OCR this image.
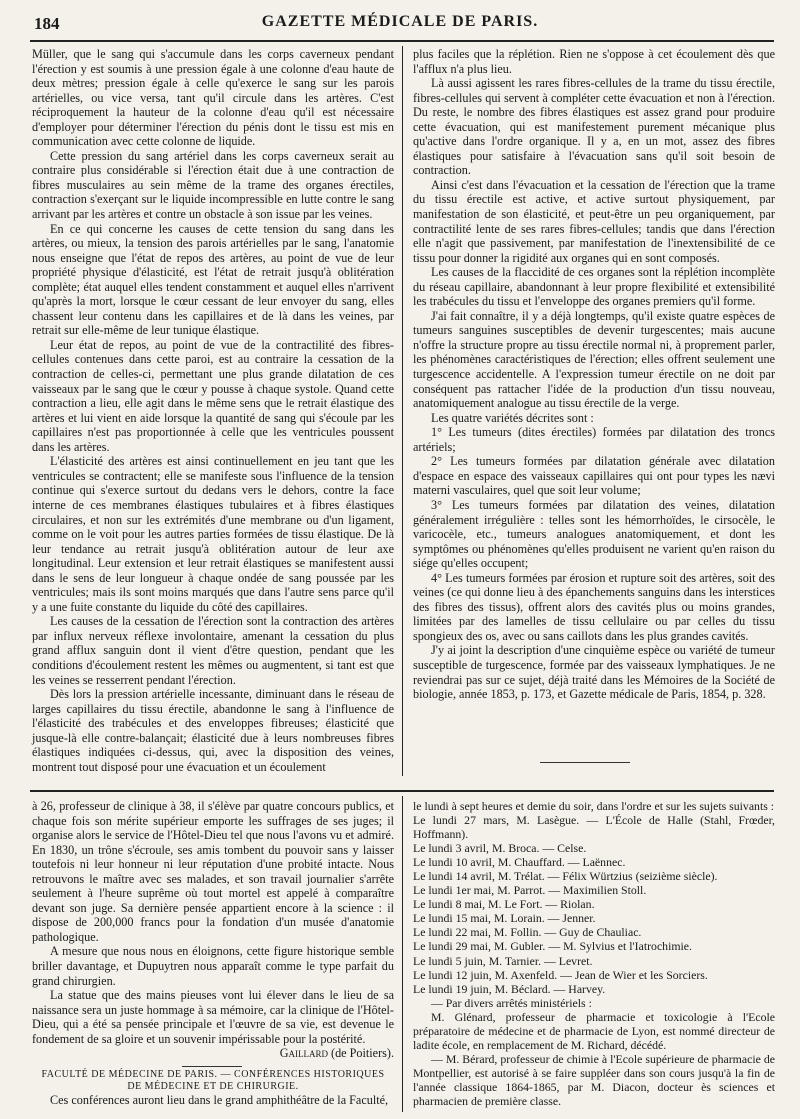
184	GAZETTE MÉDICALE DE PARIS.

Müller, que le sang qui s'accumule dans les corps caverneux pendant l'érection y est soumis à une pression égale à une colonne d'eau haute de deux mètres; pression égale à celle qu'exerce le sang sur les parois artérielles, ou vice versa, tant qu'il circule dans les artères. C'est réciproquement la hauteur de la colonne d'eau qu'il est nécessaire d'employer pour déterminer l'érection du pénis dont le tissu est mis en communication avec cette colonne de liquide.

Cette pression du sang artériel dans les corps caverneux serait au contraire plus considérable si l'érection était due à une contraction de fibres musculaires au sein même de la trame des organes érectiles, contraction s'exerçant sur le liquide incompressible en lutte contre le sang arrivant par les artères et contre un obstacle à son issue par les veines.

En ce qui concerne les causes de cette tension du sang dans les artères, ou mieux, la tension des parois artérielles par le sang, l'anatomie nous enseigne que l'état de repos des artères, au point de vue de leur propriété physique d'élasticité, est l'état de retrait jusqu'à oblitération complète; état auquel elles tendent constamment et auquel elles n'arrivent qu'après la mort, lorsque le cœur cessant de leur envoyer du sang, elles chassent leur contenu dans les capillaires et de là dans les veines, par retrait sur elle-même de leur tunique élastique.

Leur état de repos, au point de vue de la contractilité des fibres-cellules contenues dans cette paroi, est au contraire la cessation de la contraction de celles-ci, permettant une plus grande dilatation de ces vaisseaux par le sang que le cœur y pousse à chaque systole. Quand cette contraction a lieu, elle agit dans le même sens que le retrait élastique des artères et lui vient en aide lorsque la quantité de sang qui s'écoule par les capillaires n'est pas proportionnée à celle que les ventricules poussent dans les artères.

L'élasticité des artères est ainsi continuellement en jeu tant que les ventricules se contractent; elle se manifeste sous l'influence de la tension continue qui s'exerce surtout du dedans vers le dehors, contre la face interne de ces membranes élastiques tubulaires et à fibres élastiques circulaires, et non sur les extrémités d'une membrane ou d'un ligament, comme on le voit pour les autres parties formées de tissu élastique. De là leur tendance au retrait jusqu'à oblitération autour de leur axe longitudinal. Leur extension et leur retrait élastiques se manifestent aussi dans le sens de leur longueur à chaque ondée de sang poussée par les ventricules; mais ils sont moins marqués que dans l'autre sens parce qu'il y a une fuite constante du liquide du côté des capillaires.

Les causes de la cessation de l'érection sont la contraction des artères par influx nerveux réflexe involontaire, amenant la cessation du plus grand afflux sanguin dont il vient d'être question, pendant que les conditions d'écoulement restent les mêmes ou augmentent, si tant est que les veines se resserrent pendant l'érection.

Dès lors la pression artérielle incessante, diminuant dans le réseau de larges capillaires du tissu érectile, abandonne le sang à l'influence de l'élasticité des trabécules et des enveloppes fibreuses; élasticité que jusque-là elle contre-balançait; élasticité due à leurs nombreuses fibres élastiques indiquées ci-dessus, qui, avec la disposition des veines, montrent tout disposé pour une évacuation et un écoulement

plus faciles que la réplétion. Rien ne s'oppose à cet écoulement dès que l'afflux n'a plus lieu.

Là aussi agissent les rares fibres-cellules de la trame du tissu érectile, fibres-cellules qui servent à compléter cette évacuation et non à l'érection. Du reste, le nombre des fibres élastiques est assez grand pour produire cette évacuation, qui est manifestement purement mécanique plus qu'active dans l'ordre organique. Il y a, en un mot, assez des fibres élastiques pour satisfaire à l'évacuation sans qu'il soit besoin de contraction.

Ainsi c'est dans l'évacuation et la cessation de l'érection que la trame du tissu érectile est active, et active surtout physiquement, par manifestation de son élasticité, et peut-être un peu organiquement, par contractilité lente de ses rares fibres-cellules; tandis que dans l'érection elle n'agit que passivement, par manifestation de l'inextensibilité de ce tissu pour donner la rigidité aux organes qui en sont composés.

Les causes de la flaccidité de ces organes sont la réplétion incomplète du réseau capillaire, abandonnant à leur propre flexibilité et extensibilité les trabécules du tissu et l'enveloppe des organes premiers qu'il forme.

J'ai fait connaître, il y a déjà longtemps, qu'il existe quatre espèces de tumeurs sanguines susceptibles de devenir turgescentes; mais aucune n'offre la structure propre au tissu érectile normal ni, à proprement parler, les phénomènes caractéristiques de l'érection; elles offrent seulement une turgescence accidentelle. A l'expression tumeur érectile on ne doit par conséquent pas rattacher l'idée de la production d'un tissu nouveau, anatomiquement analogue au tissu érectile de la verge.

Les quatre variétés décrites sont :

1° Les tumeurs (dites érectiles) formées par dilatation des troncs artériels;

2° Les tumeurs formées par dilatation générale avec dilatation d'espace en espace des vaisseaux capillaires qui ont pour types les nævi materni vasculaires, quel que soit leur volume;

3° Les tumeurs formées par dilatation des veines, dilatation généralement irrégulière : telles sont les hémorrhoïdes, le cirsocèle, le varicocèle, etc., tumeurs analogues anatomiquement, et dont les symptômes ou phénomènes qu'elles produisent ne varient qu'en raison du siége qu'elles occupent;

4° Les tumeurs formées par érosion et rupture soit des artères, soit des veines (ce qui donne lieu à des épanchements sanguins dans les interstices des fibres des tissus), offrent alors des cavités plus ou moins grandes, limitées par des lamelles de tissu cellulaire ou par celles du tissu spongieux des os, avec ou sans caillots dans les plus grandes cavités.

J'y ai joint la description d'une cinquième espèce ou variété de tumeur susceptible de turgescence, formée par des vaisseaux lymphatiques. Je ne reviendrai pas sur ce sujet, déjà traité dans les Mémoires de la Société de biologie, année 1853, p. 173, et Gazette médicale de Paris, 1854, p. 328.

à 26, professeur de clinique à 38, il s'élève par quatre concours publics, et chaque fois son mérite supérieur emporte les suffrages de ses juges; il organise alors le service de l'Hôtel-Dieu tel que nous l'avons vu et admiré. En 1830, un trône s'écroule, ses amis tombent du pouvoir sans y laisser toutefois ni leur honneur ni leur réputation d'une probité intacte. Nous retrouvons le maître avec ses malades, et son travail journalier s'arrête seulement à l'heure suprême où tout mortel est appelé à comparaître devant son juge. Sa dernière pensée appartient encore à la science : il dispose de 200,000 francs pour la fondation d'un musée d'anatomie pathologique.

A mesure que nous nous en éloignons, cette figure historique semble briller davantage, et Dupuytren nous apparaît comme le type parfait du grand chirurgien.

La statue que des mains pieuses vont lui élever dans le lieu de sa naissance sera un juste hommage à sa mémoire, car la clinique de l'Hôtel-Dieu, qui a été sa pensée principale et l'œuvre de sa vie, est devenue le fondement de sa gloire et un souvenir impérissable pour la postérité.

Gaillard (de Poitiers).

FACULTÉ DE MÉDECINE DE PARIS. — CONFÉRENCES HISTORIQUES

DE MÉDECINE ET DE CHIRURGIE.

Ces conférences auront lieu dans le grand amphithéâtre de la Faculté,

le lundi à sept heures et demie du soir, dans l'ordre et sur les sujets suivants :

Le lundi 27 mars, M. Lasègue. — L'École de Halle (Stahl, Frœder, Hoffmann).
Le lundi 3 avril, M. Broca. — Celse.
Le lundi 10 avril, M. Chauffard. — Laënnec.
Le lundi 14 avril, M. Trélat. — Félix Würtzius (seizième siècle).
Le lundi 1er mai, M. Parrot. — Maximilien Stoll.
Le lundi 8 mai, M. Le Fort. — Riolan.
Le lundi 15 mai, M. Lorain. — Jenner.
Le lundi 22 mai, M. Follin. — Guy de Chauliac.
Le lundi 29 mai, M. Gubler. — M. Sylvius et l'Iatrochimie.
Le lundi 5 juin, M. Tarnier. — Levret.
Le lundi 12 juin, M. Axenfeld. — Jean de Wier et les Sorciers.
Le lundi 19 juin, M. Béclard. — Harvey.

— Par divers arrêtés ministériels :

M. Glénard, professeur de pharmacie et toxicologie à l'Ecole préparatoire de médecine et de pharmacie de Lyon, est nommé directeur de ladite école, en remplacement de M. Richard, décédé.

— M. Bérard, professeur de chimie à l'Ecole supérieure de pharmacie de Montpellier, est autorisé à se faire suppléer dans son cours jusqu'à la fin de l'année classique 1864-1865, par M. Diacon, docteur ès sciences et pharmacien de première classe.
